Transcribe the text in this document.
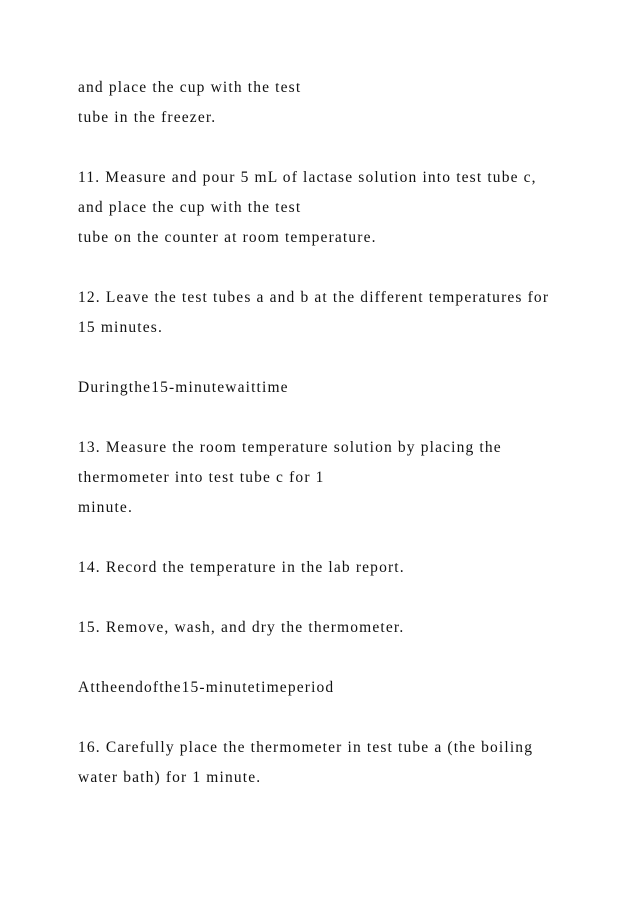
and place the cup with the test
tube in the freezer.
11. Measure and pour 5 mL of lactase solution into test tube c,
and place the cup with the test
tube on the counter at room temperature.
12. Leave the test tubes a and b at the different temperatures for
15 minutes.
Duringthe15-minutewaittime
13. Measure the room temperature solution by placing the
thermometer into test tube c for 1
minute.
14. Record the temperature in the lab report.
15. Remove, wash, and dry the thermometer.
Attheendofthe15-minutetimeperiod
16. Carefully place the thermometer in test tube a (the boiling
water bath) for 1 minute.
